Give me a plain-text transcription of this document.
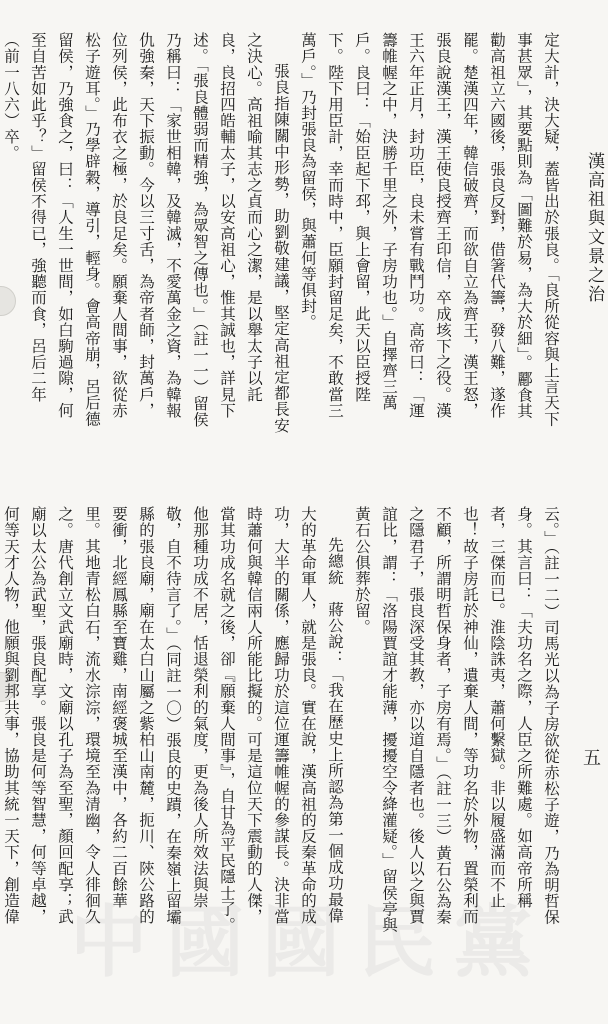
漢高祖與文景之治
五
定大計，決大疑，蓋皆出於張良。「良所從容與上言天下事甚眾」，其要點則為「圖難於易，為大於細」。酈食其勸高祖立六國後，張良反對，借箸代籌，發八難，遂作罷。楚漢四年，韓信破齊，而欲自立為齊王，漢王怒，張良說漢王，漢王使良授齊王印信，卒成垓下之役。漢王六年正月，封功臣，良未嘗有戰鬥功。高帝曰：「運籌帷幄之中，決勝千里之外，子房功也。」自擇齊三萬戶。良曰：「始臣起下邳，與上會留，此天以臣授陛下。陛下用臣計，幸而時中，臣願封留足矣，不敢當三萬戶。」乃封張良為留侯，與蕭何等俱封。
張良指陳關中形勢，助劉敬建議，堅定高祖定都長安之決心。高祖喻其志之貞而心之潔，是以舉太子以託良，良招四皓輔太子，以安高祖心，惟其誠也，詳見下述。「張良體弱而精強，為眾智之傳也。」（註一一）留侯乃稱曰：「家世相韓，及韓滅，不愛萬金之資，為韓報仇強秦，天下振動。今以三寸舌，為帝者師，封萬戶，位列侯，此布衣之極，於良足矣。願棄人間事，欲從赤松子遊耳。」乃學辟穀，導引，輕身。會高帝崩，呂后德留侯，乃強食之，曰：「人生一世間，如白駒過隙，何至自苦如此乎？」留侯不得已，強聽而食，呂后二年（前一八六）卒。
云。」（註一二）司馬光以為子房欲從赤松子遊，乃為明哲保身。其言曰：「夫功名之際，人臣之所難處。如高帝所稱者，三傑而已。淮陰誅夷，蕭何繫獄。非以履盛滿而不止也！故子房託於神仙，遺棄人間，等功名於外物，置榮利而不顧，所謂明哲保身者，子房有焉。」（註一三）黃石公為秦之隱君子，張良深受其教，亦以道自隱者也。後人以之與賈誼比，謂：「洛陽賈誼才能薄，擾擾空令絳灌疑。」留侯亭與黃石公俱葬於留。
先總統　蔣公說：「我在歷史上所認為第一個成功最偉大的革命軍人，就是張良。實在說，漢高祖的反秦革命的成功，大半的關係，應歸功於這位運籌帷幄的參謀長。決非當時蕭何與韓信兩人所能比擬的。可是這位天下震動的人傑，當其功成名就之後，卻『願棄人間事』，自甘為平民隱士了。他那種功成不居，恬退榮利的氣度，更為後人所效法與崇敬，自不待言了。」（同註一〇）張良的史蹟，在秦嶺上留壩縣的張良廟，廟在太白山屬之紫柏山南麓，扼川、陝公路的要衝，北經鳳縣至寶雞，南經褒城至漢中，各約二百餘華里。其地青松白石，流水淙淙，環境至為清幽，令人徘徊久之。唐代創立文武廟時，文廟以孔子為至聖，顏回配享；武廟以太公為武聖，張良配享。張良是何等智慧，何等卓越，何等天才人物，他願與劉邦共事，協助其統一天下，創造偉 中國國民黨
